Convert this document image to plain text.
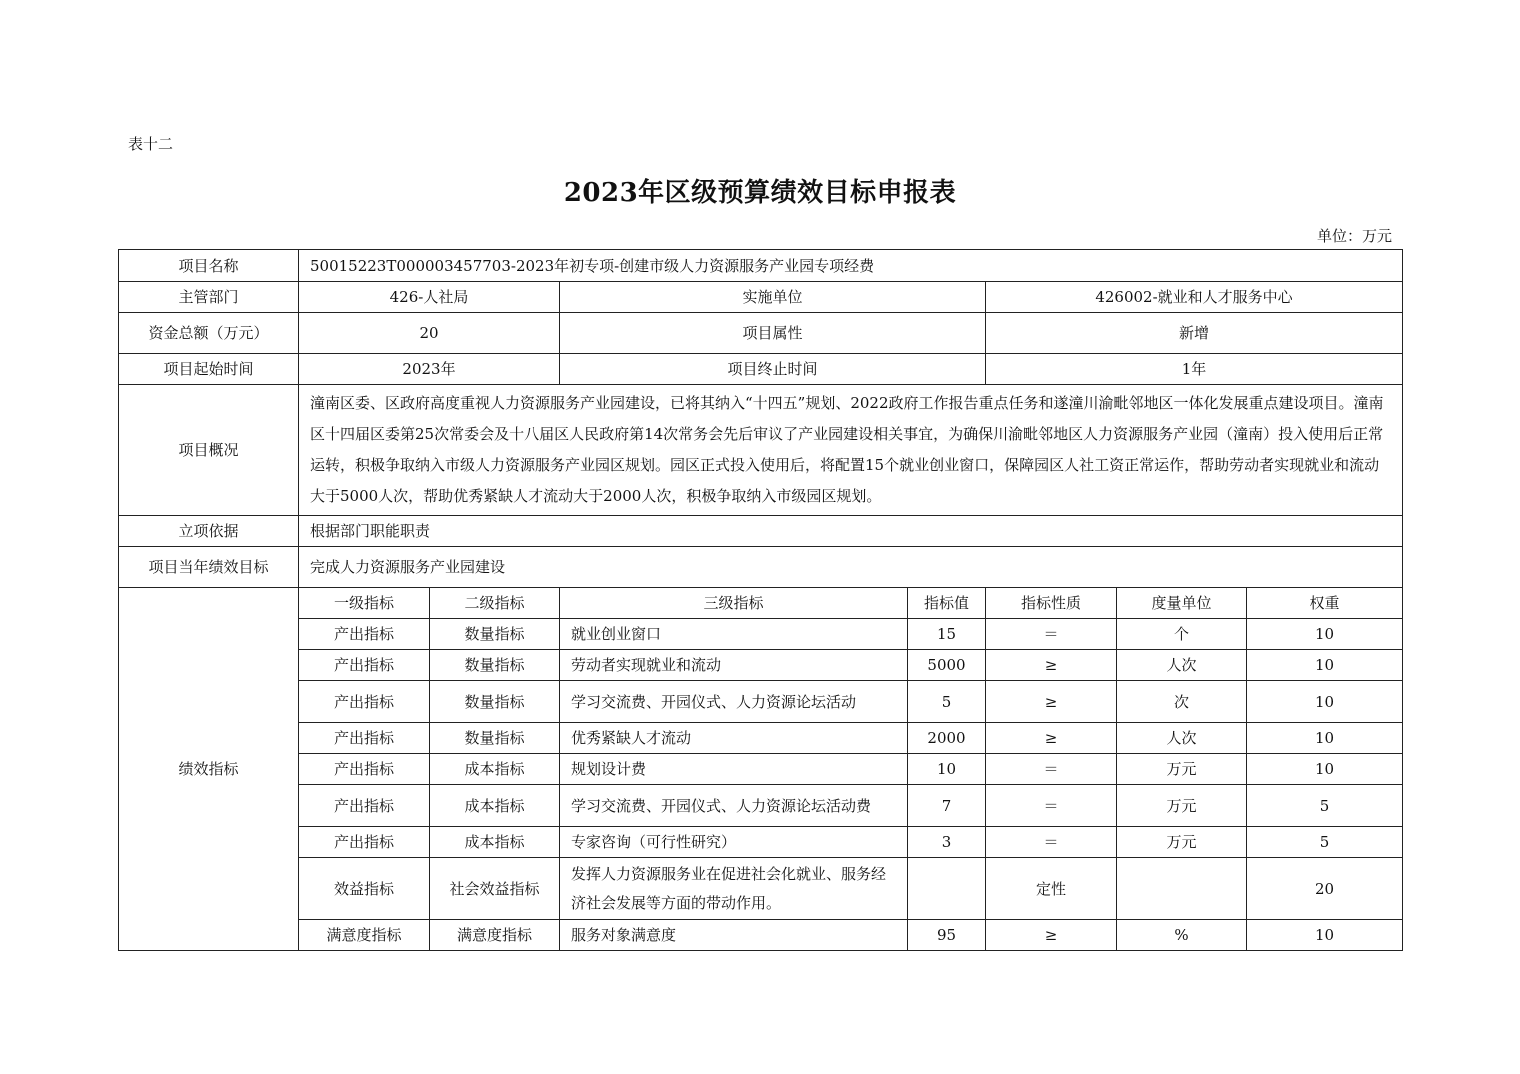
表十二
2023年区级预算绩效目标申报表
单位：万元
项目名称	50015223T000003457703-2023年初专项-创建市级人力资源服务产业园专项经费						
主管部门	426-人社局		实施单位		426002-就业和人才服务中心		
资金总额（万元）	20		项目属性		新增		
项目起始时间	2023年		项目终止时间		1年		
项目概况	潼南区委、区政府高度重视人力资源服务产业园建设，已将其纳入“十四五”规划、2022政府工作报告重点任务和遂潼川渝毗邻地区一体化发展重点建设项目。潼南区十四届区委第25次常委会及十八届区人民政府第14次常务会先后审议了产业园建设相关事宜，为确保川渝毗邻地区人力资源服务产业园（潼南）投入使用后正常运转，积极争取纳入市级人力资源服务产业园区规划。园区正式投入使用后，将配置15个就业创业窗口，保障园区人社工资正常运作，帮助劳动者实现就业和流动大于5000人次，帮助优秀紧缺人才流动大于2000人次，积极争取纳入市级园区规划。						
立项依据	根据部门职能职责						
项目当年绩效目标	完成人力资源服务产业园建设						
绩效指标	一级指标	二级指标	三级指标	指标值	指标性质	度量单位	权重
	产出指标	数量指标	就业创业窗口	15	＝	个	10
	产出指标	数量指标	劳动者实现就业和流动	5000	≥	人次	10
	产出指标	数量指标	学习交流费、开园仪式、人力资源论坛活动	5	≥	次	10
	产出指标	数量指标	优秀紧缺人才流动	2000	≥	人次	10
	产出指标	成本指标	规划设计费	10	＝	万元	10
	产出指标	成本指标	学习交流费、开园仪式、人力资源论坛活动费	7	＝	万元	5
	产出指标	成本指标	专家咨询（可行性研究）	3	＝	万元	5
	效益指标	社会效益指标	发挥人力资源服务业在促进社会化就业、服务经济社会发展等方面的带动作用。		定性		20
	满意度指标	满意度指标	服务对象满意度	95	≥	%	10
